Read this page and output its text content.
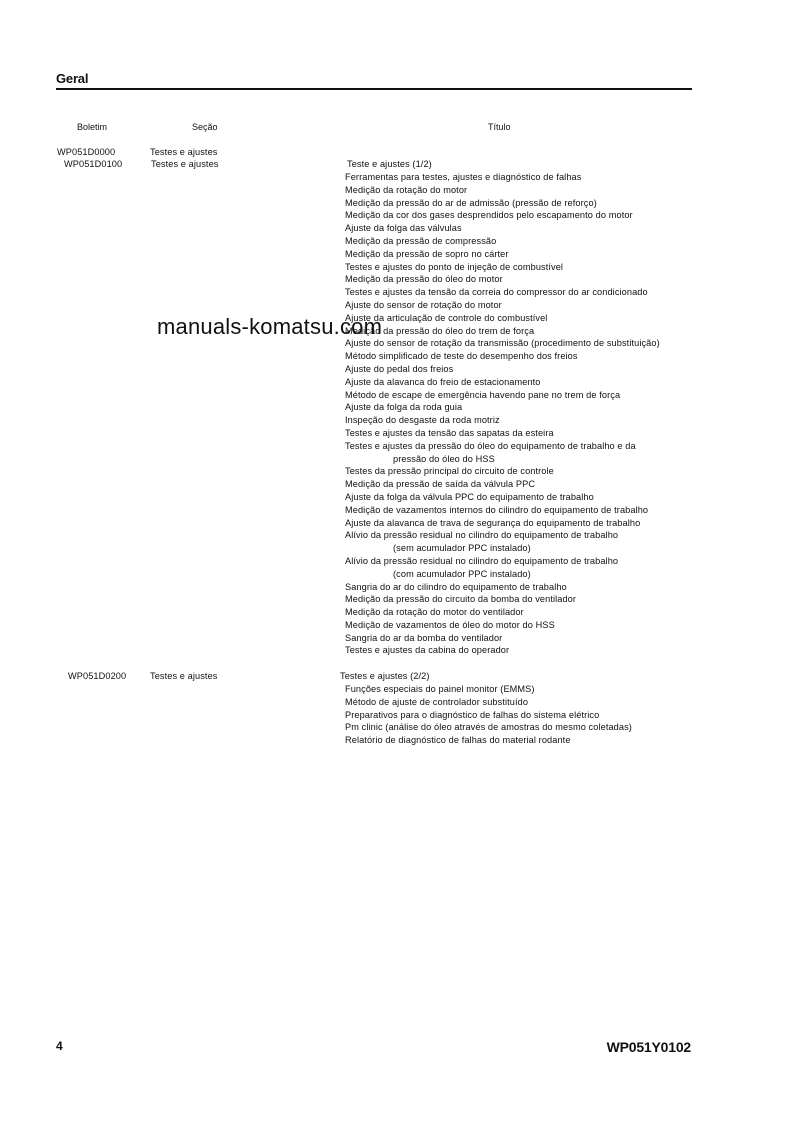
Geral
Boletim	Seção	Título
WP051D0000	Testes e ajustes
WP051D0100	Testes e ajustes	Teste e ajustes (1/2)
Ferramentas para testes, ajustes e diagnóstico de falhas
Medição da rotação do motor
Medição da pressão do ar de admissão (pressão de reforço)
Medição da cor dos gases desprendidos pelo escapamento do motor
Ajuste da folga das válvulas
Medição da pressão de compressão
Medição da pressão de sopro no cárter
Testes e ajustes do ponto de injeção de combustível
Medição da pressão do óleo do motor
Testes e ajustes da tensão da correia do compressor do ar condicionado
Ajuste do sensor de rotação do motor
Ajuste da articulação de controle do combustível
Medição da pressão do óleo do trem de força
Ajuste do sensor de rotação da transmissão (procedimento de substituição)
Método simplificado de teste do desempenho dos freios
Ajuste do pedal dos freios
Ajuste da alavanca do freio de estacionamento
Método de escape de emergência havendo pane no trem de força
Ajuste da folga da roda guia
Inspeção do desgaste da roda motriz
Testes e ajustes da tensão das sapatas da esteira
Testes e ajustes da pressão do óleo do equipamento de trabalho e da
pressão do óleo do HSS
Testes da pressão principal do circuito de controle
Medição da pressão de saída da válvula PPC
Ajuste da folga da válvula PPC do equipamento de trabalho
Medição de vazamentos internos do cilindro do equipamento de trabalho
Ajuste da alavanca de trava de segurança do equipamento de trabalho
Alívio da pressão residual no cilindro do equipamento de trabalho
(sem acumulador PPC instalado)
Alívio da pressão residual no cilindro do equipamento de trabalho
(com acumulador PPC instalado)
Sangria do ar do cilindro do equipamento de trabalho
Medição da pressão do circuito da bomba do ventilador
Medição da rotação do motor do ventilador
Medição de vazamentos de óleo do motor do HSS
Sangria do ar da bomba do ventilador
Testes e ajustes da cabina do operador
WP051D0200	Testes e ajustes	Testes e ajustes (2/2)
Funções especiais do painel monitor (EMMS)
Método de ajuste de controlador substituído
Preparativos para o diagnóstico de falhas do sistema elétrico
Pm clinic (análise do óleo através de amostras do mesmo coletadas)
Relatório de diagnóstico de falhas do material rodante
manuals-komatsu.com
4	WP051Y0102
